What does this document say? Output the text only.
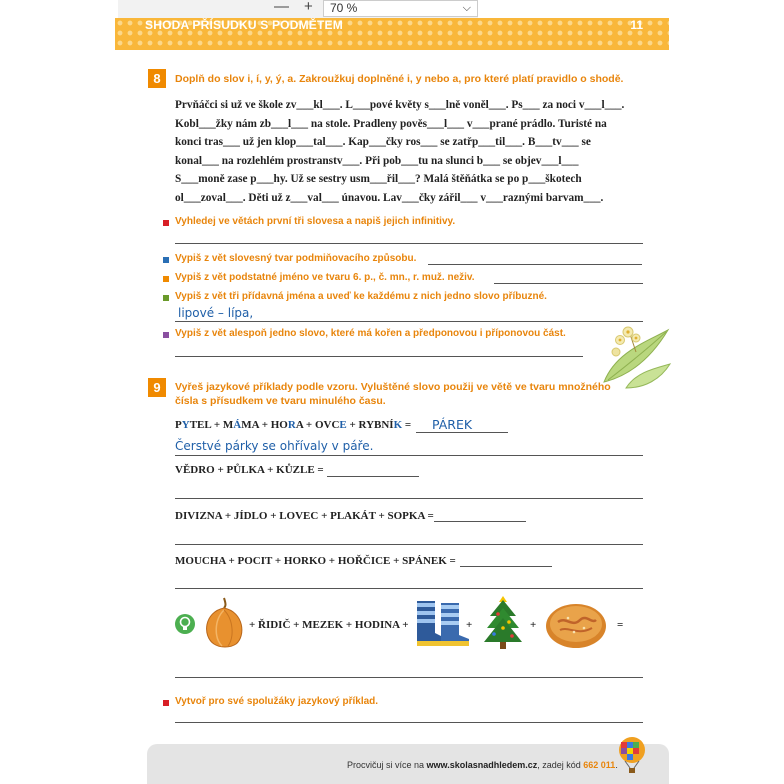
— +	70 %	⌵
SHODA PŘÍSUDKU S PODMĚTEM	11
8	Doplň do slov i, í, y, ý, a. Zakroužkuj doplněné i, y nebo a, pro které platí pravidlo o shodě.
Prvňáčci si už ve škole zv___kl___. L___pové květy s___lně voněl___. Ps___ za noci v___l___.
Kobl___žky nám zb___l___ na stole. Pradleny pověs___l___ v___prané prádlo. Turisté na
konci tras___ už jen klop___tal___. Kap___čky ros___ se zatřp___til___. B___tv___ se
konal___ na rozlehlém prostranstv___. Při pob___tu na slunci b___ se objev___l___
S___moně zase p___hy. Už se sestry usm___řil___? Malá štěňátka se po p___škotech
ol___zoval___. Děti už z___val___ únavou. Lav___čky zářil___ v___raznými barvam___.
Vyhledej ve větách první tři slovesa a napiš jejich infinitivy.
Vypiš z vět slovesný tvar podmiňovacího způsobu.
Vypiš z vět podstatné jméno ve tvaru 6. p., č. mn., r. muž. neživ.
Vypiš z vět tři přídavná jména a uveď ke každému z nich jedno slovo příbuzné.
lipové – lípa,
Vypiš z vět alespoň jedno slovo, které má kořen a předponovou i příponovou část.
9	Vyřeš jazykové příklady podle vzoru. Vyluštěné slovo použij ve větě ve tvaru množného
čísla s přísudkem ve tvaru minulého času.
PYTEL + MÁMA + HORA + OVCE + RYBNÍK = PÁREK
Čerstvé párky se ohřívaly v páře.
VĚDRO + PŮLKA + KŮZLE =
DIVIZNA + JÍDLO + LOVEC + PLAKÁT + SOPKA =
MOUCHA + POCIT + HORKO + HOŘČICE + SPÁNEK =
+ ŘIDIČ + MEZEK + HODINA +	+	+	=
Vytvoř pro své spolužáky jazykový příklad.
Procvičuj si více na www.skolasnadhledem.cz, zadej kód 662 011.
